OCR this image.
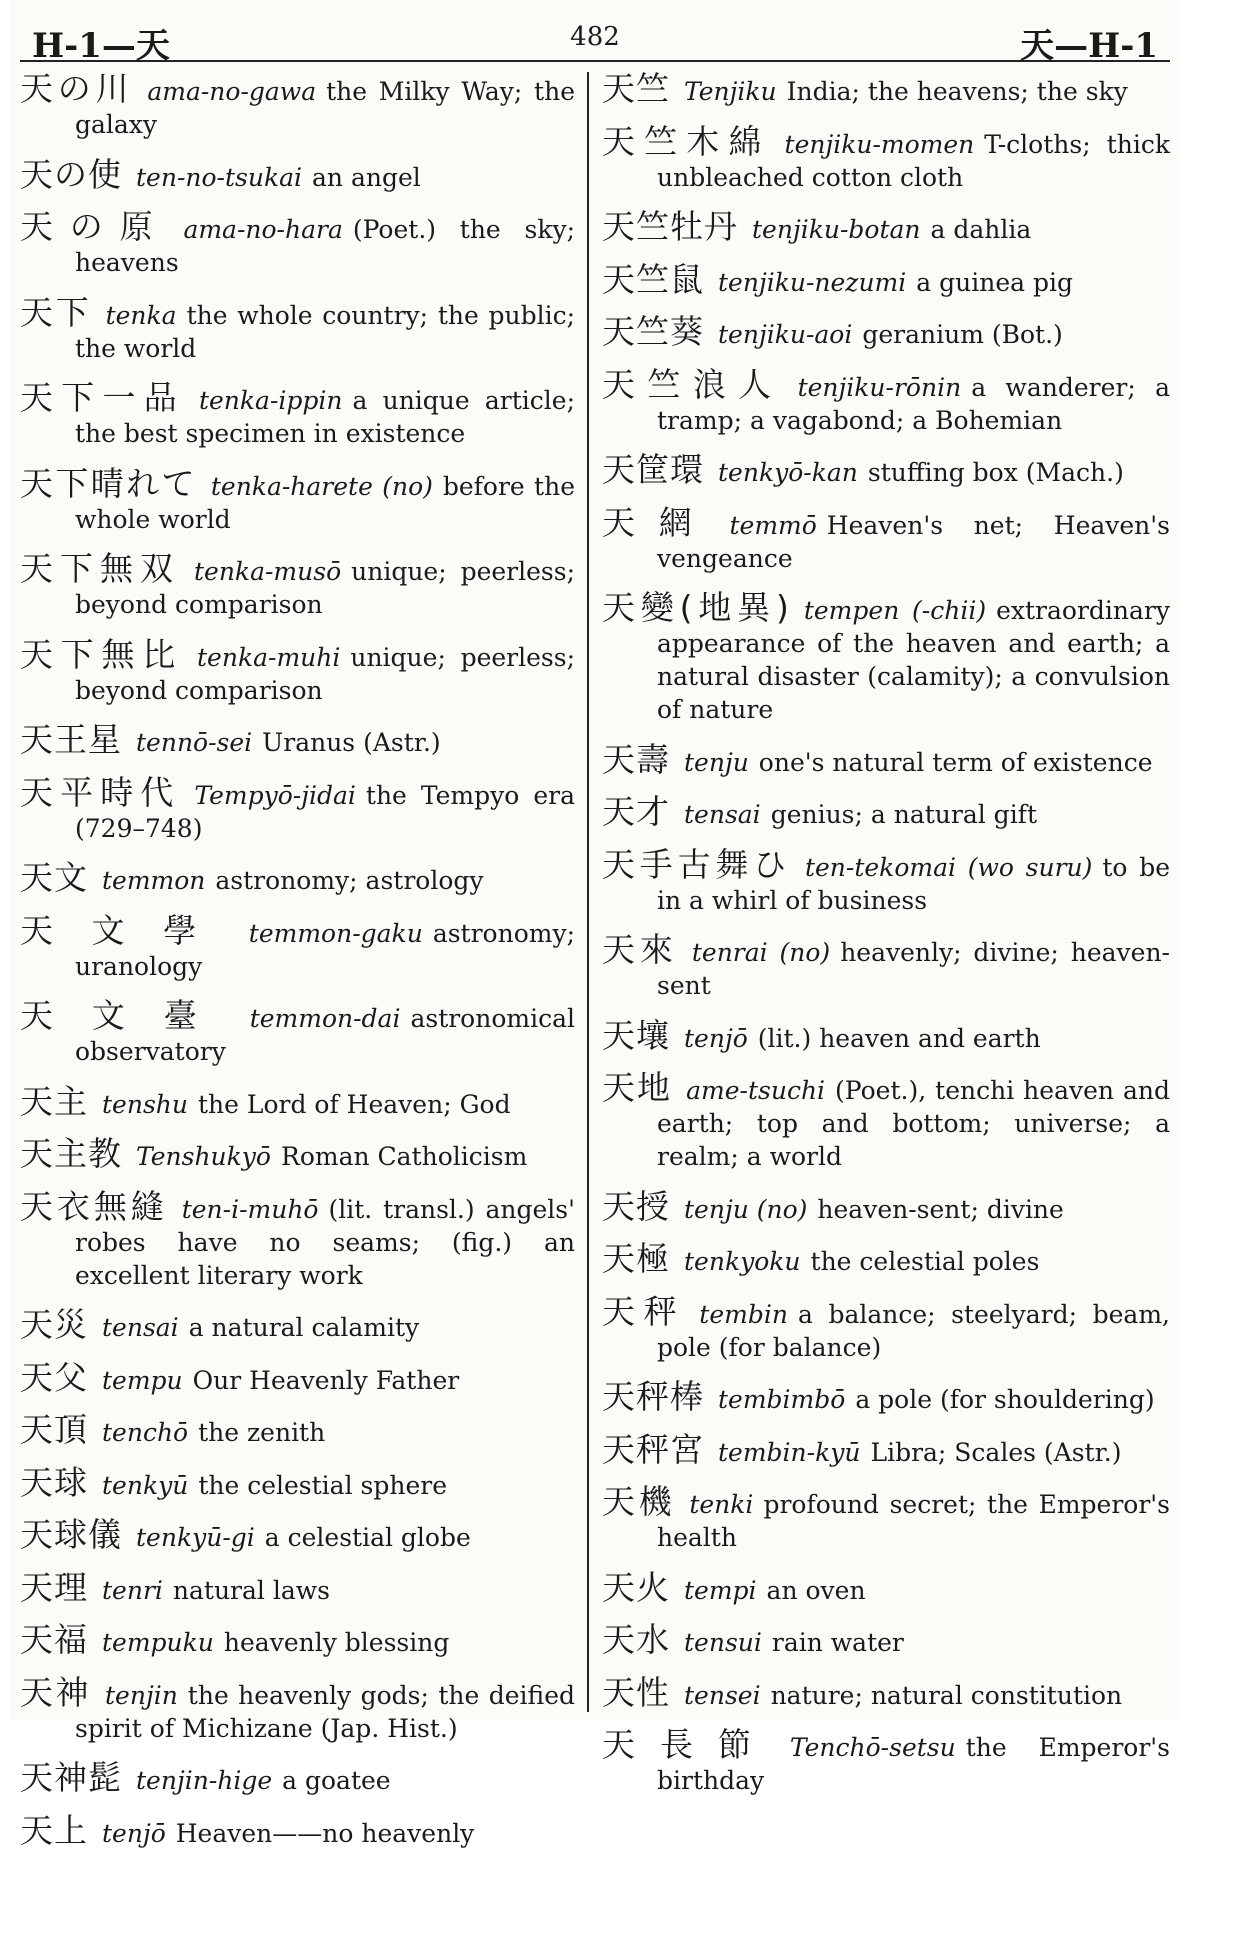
H-1—天	482	天—H-1

天の川 ama-no-gawa the Milky Way; the galaxy

天の使 ten-no-tsukai an angel

天の原 ama-no-hara (Poet.) the sky; heavens

天下 tenka the whole country; the public; the world

天下一品 tenka-ippin a unique article; the best specimen in existence

天下晴れて tenka-harete (no) before the whole world

天下無双 tenka-musō unique; peerless; beyond comparison

天下無比 tenka-muhi unique; peerless; beyond comparison

天王星 tennō-sei Uranus (Astr.)

天平時代 Tempyō-jidai the Tempyo era (729–748)

天文 temmon astronomy; astrology

天文學 temmon-gaku astronomy; uranology

天文臺 temmon-dai astronomical observatory

天主 tenshu the Lord of Heaven; God

天主教 Tenshukyō Roman Catholicism

天衣無縫 ten-i-muhō (lit. transl.) angels' robes have no seams; (fig.) an excellent literary work

天災 tensai a natural calamity

天父 tempu Our Heavenly Father

天頂 tenchō the zenith

天球 tenkyū the celestial sphere

天球儀 tenkyū-gi a celestial globe

天理 tenri natural laws

天福 tempuku heavenly blessing

天神 tenjin the heavenly gods; the deified spirit of Michizane (Jap. Hist.)

天神髭 tenjin-hige a goatee

天上 tenjō Heaven——no heavenly

天竺 Tenjiku India; the heavens; the sky

天竺木綿 tenjiku-momen T-cloths; thick unbleached cotton cloth

天竺牡丹 tenjiku-botan a dahlia

天竺鼠 tenjiku-nezumi a guinea pig

天竺葵 tenjiku-aoi geranium (Bot.)

天竺浪人 tenjiku-rōnin a wanderer; a tramp; a vagabond; a Bohemian

天筐環 tenkyō-kan stuffing box (Mach.)

天網 temmō Heaven's net; Heaven's vengeance

天變(地異) tempen (-chii) extraordinary appearance of the heaven and earth; a natural disaster (calamity); a convulsion of nature

天壽 tenju one's natural term of existence

天才 tensai genius; a natural gift

天手古舞ひ ten-tekomai (wo suru) to be in a whirl of business

天來 tenrai (no) heavenly; divine; heaven-sent

天壤 tenjō (lit.) heaven and earth

天地 ame-tsuchi (Poet.), tenchi heaven and earth; top and bottom; universe; a realm; a world

天授 tenju (no) heaven-sent; divine

天極 tenkyoku the celestial poles

天秤 tembin a balance; steelyard; beam, pole (for balance)

天秤棒 tembimbō a pole (for shouldering)

天秤宮 tembin-kyū Libra; Scales (Astr.)

天機 tenki profound secret; the Emperor's health

天火 tempi an oven

天水 tensui rain water

天性 tensei nature; natural constitution

天長節 Tenchō-setsu the Emperor's birthday
